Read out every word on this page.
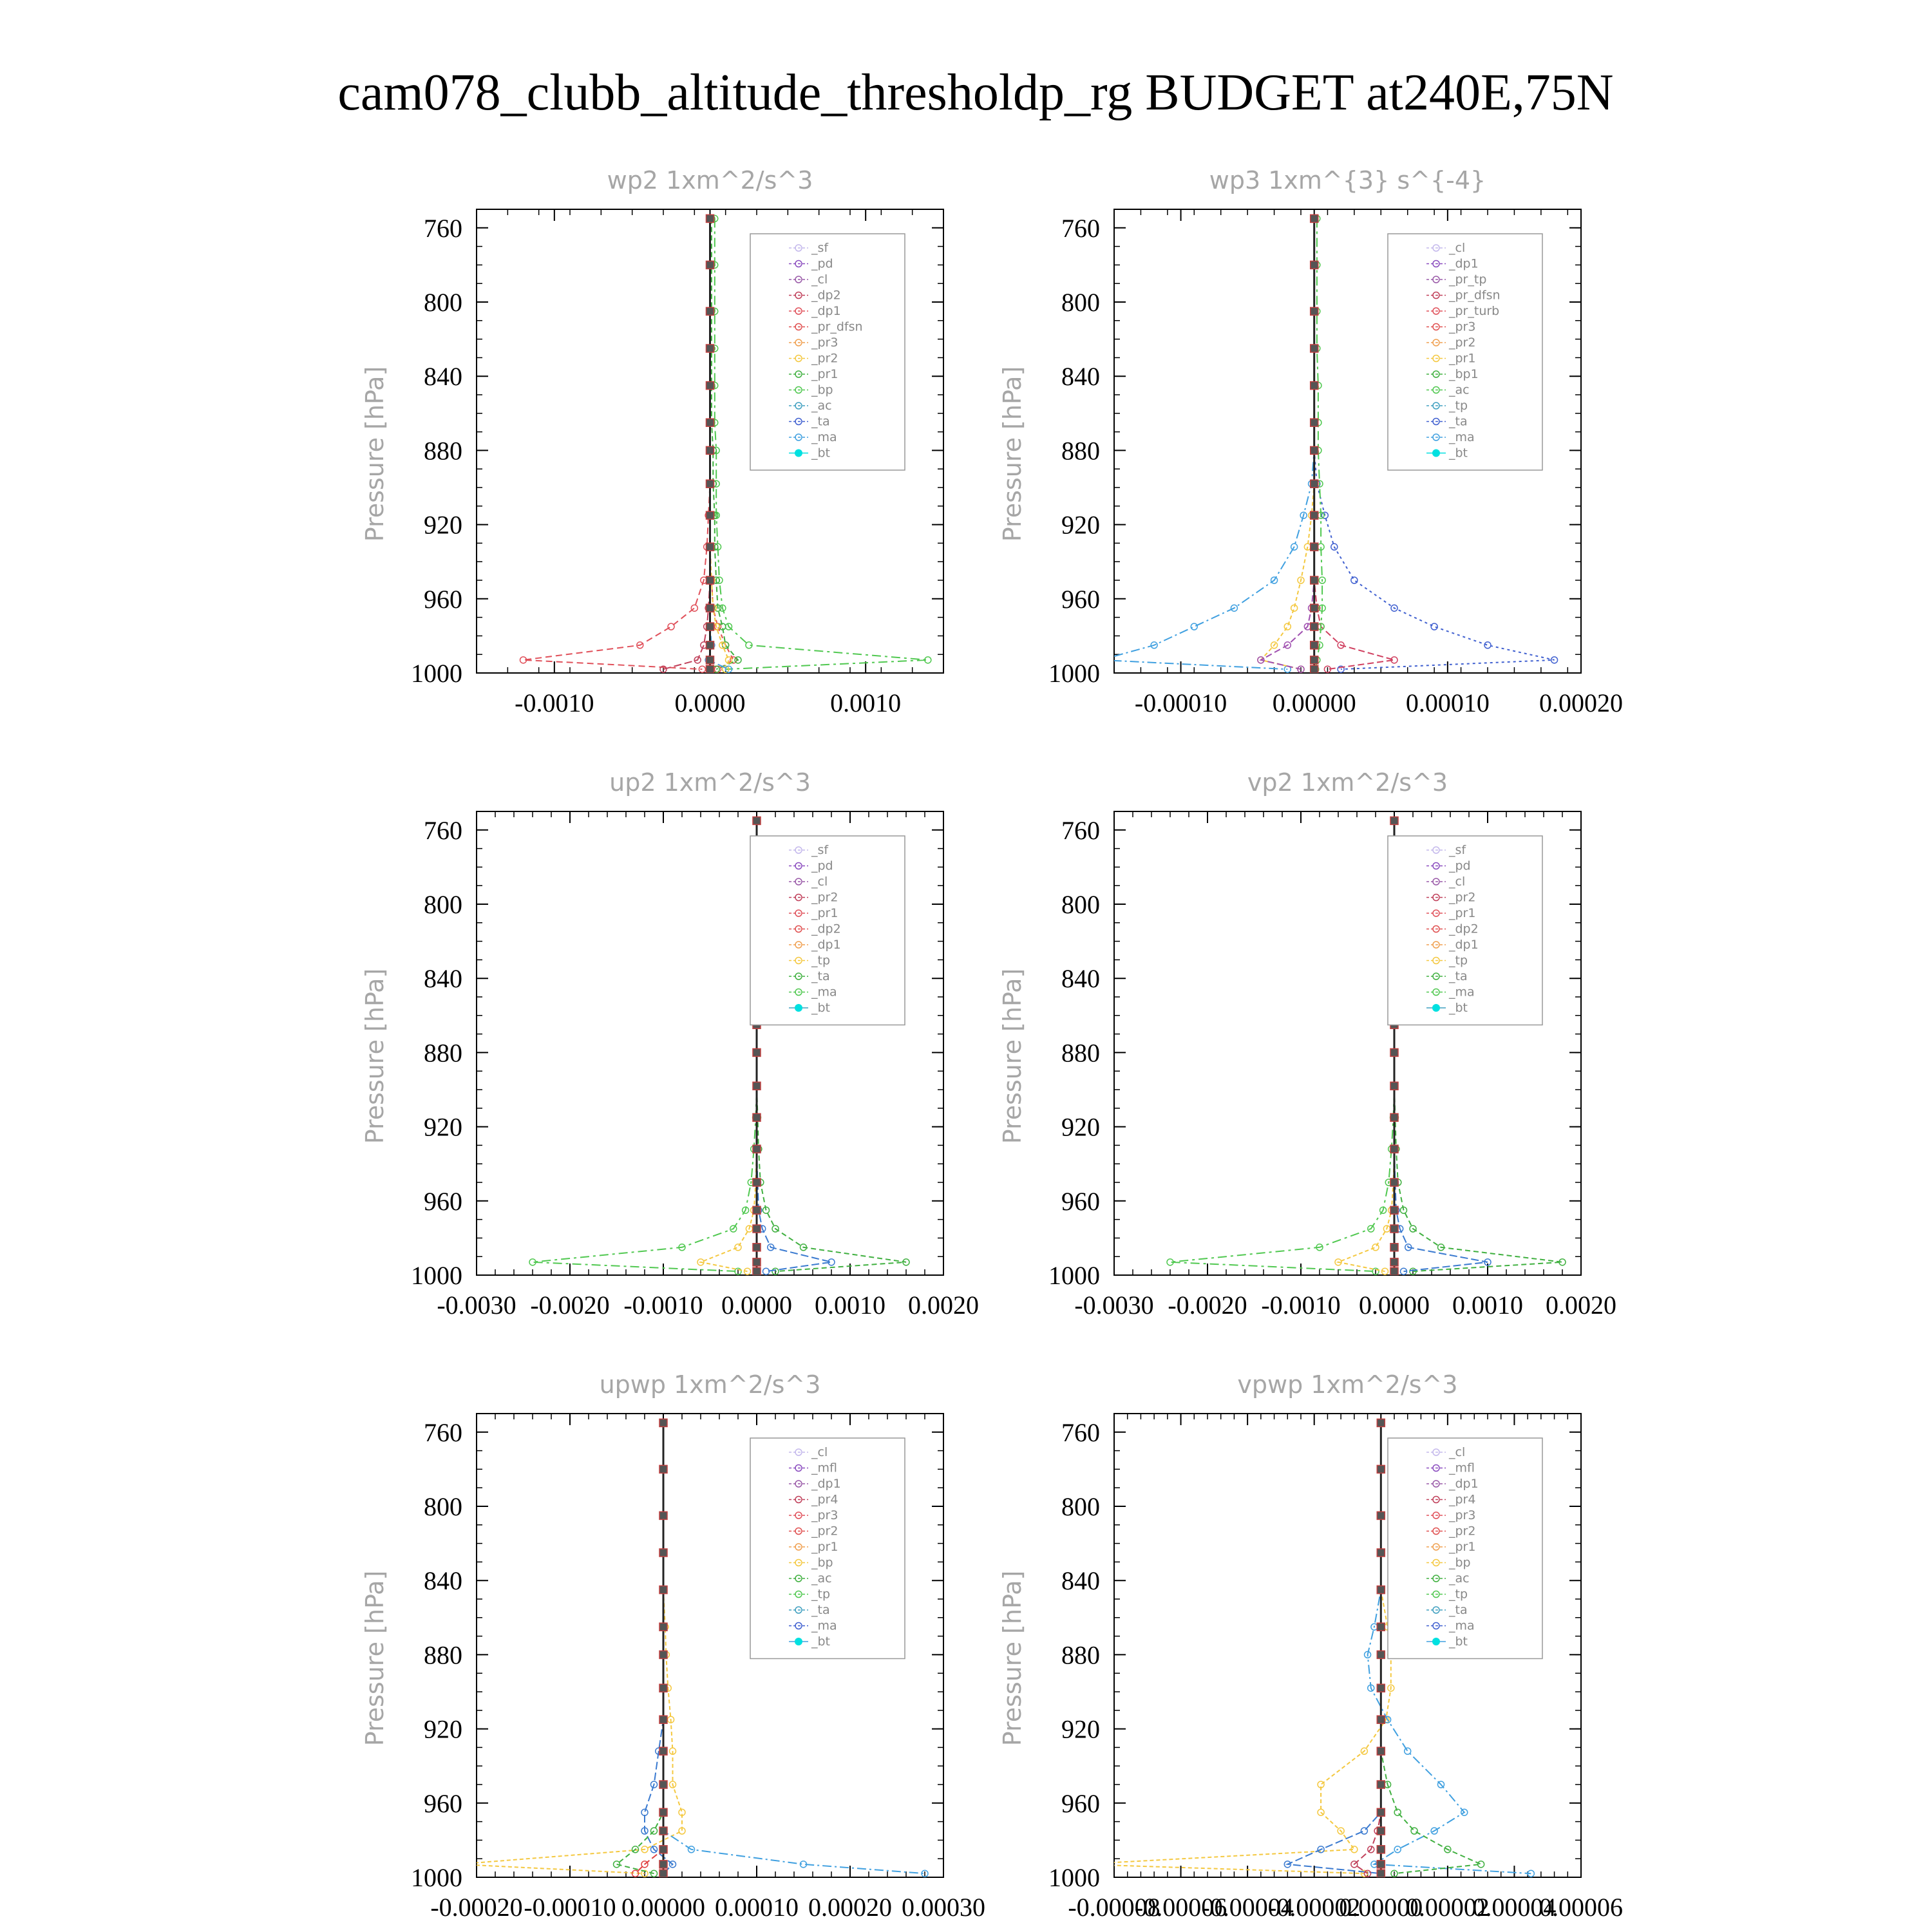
cam078_clubb_altitude_thresholdp_rg BUDGET at240E,75N
wp2 1xm^2/s^3
760
800
840
880
920
960
1000
-0.0010	0.0000	0.0010
Pressure [hPa]
_sf
_pd
_cl
_dp2
_dp1
_pr_dfsn
_pr3
_pr2
_pr1
_bp
_ac
_ta
_ma
_bt
wp3 1xm^{3} s^{-4}
760
800
840
880
920
960
1000
-0.00010 0.00000 0.00010 0.00020
Pressure [hPa]
_cl
_dp1
_pr_tp
_pr_dfsn
_pr_turb
_pr3
_pr2
_pr1
_bp1
_ac
_tp
_ta
_ma
_bt
up2 1xm^2/s^3
760
800
840
880
920
960
1000
-0.0030 -0.0020 -0.0010 0.0000 0.0010 0.0020
Pressure [hPa]
_sf
_pd
_cl
_pr2
_pr1
_dp2
_dp1
_tp
_ta
_ma
_bt
vp2 1xm^2/s^3
760
800
840
880
920
960
1000
-0.0030 -0.0020 -0.0010 0.0000 0.0010 0.0020
Pressure [hPa]
_sf
_pd
_cl
_pr2
_pr1
_dp2
_dp1
_tp
_ta
_ma
_bt
upwp 1xm^2/s^3
760
800
840
880
920
960
1000
-0.00020 -0.00010 0.00000 0.00010 0.00020 0.00030
Pressure [hPa]
_cl
_mfl
_dp1
_pr4
_pr3
_pr2
_pr1
_bp
_ac
_tp
_ta
_ma
_bt
vpwp 1xm^2/s^3
760
800
840
880
920
960
1000
-0.00008
-0.00006
-0.00004
-0.00002
0.00000
0.00002
0.00004
0.00006
Pressure [hPa]
_cl
_mfl
_dp1
_pr4
_pr3
_pr2
_pr1
_bp
_ac
_tp
_ta
_ma
_bt
